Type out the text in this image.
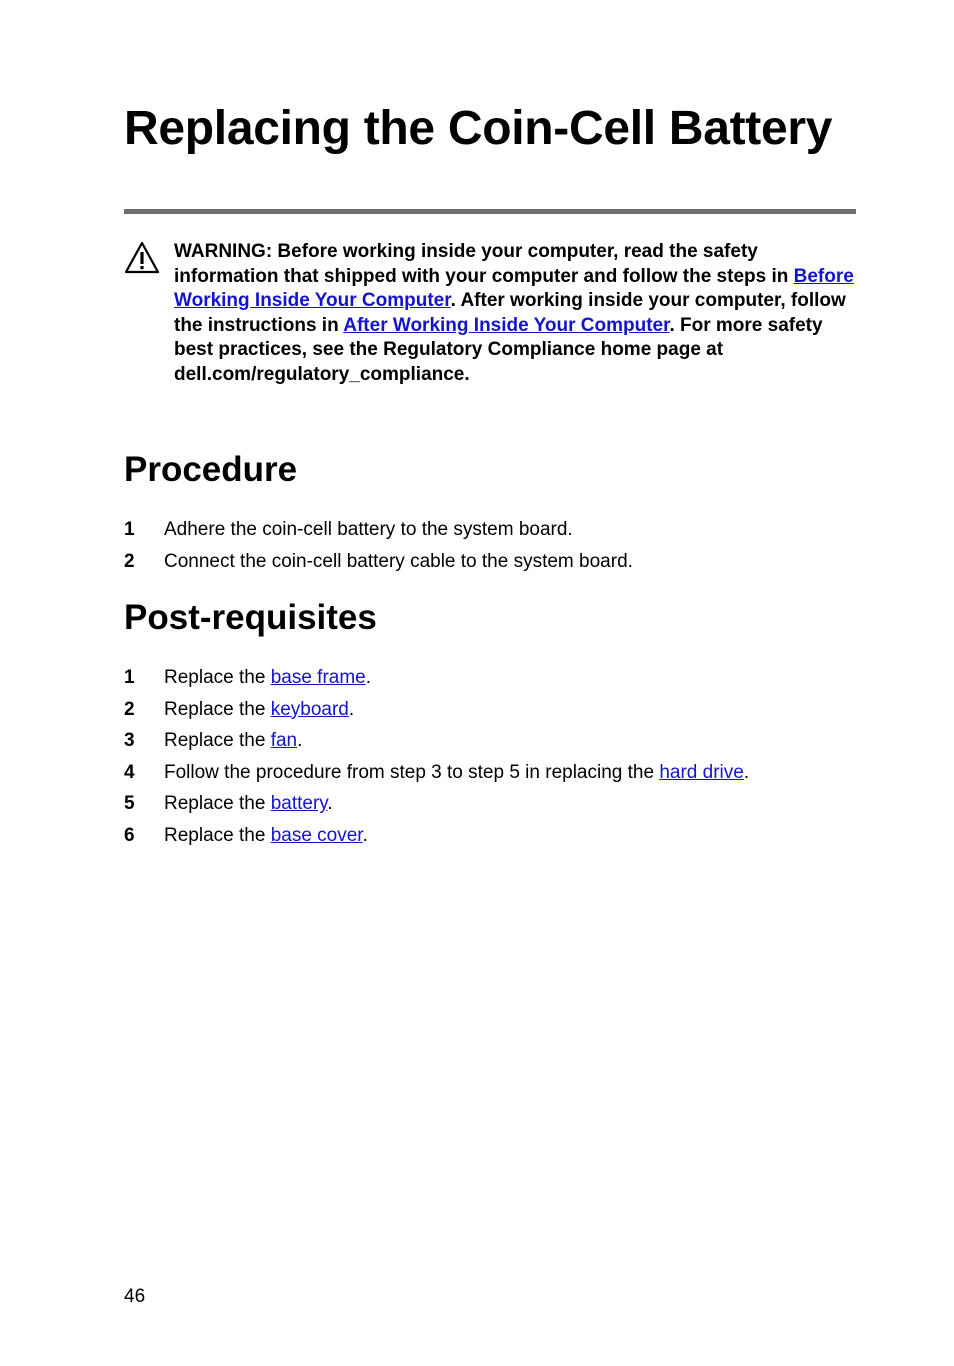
Replacing the Coin-Cell Battery
WARNING: Before working inside your computer, read the safety information that shipped with your computer and follow the steps in Before Working Inside Your Computer. After working inside your computer, follow the instructions in After Working Inside Your Computer. For more safety best practices, see the Regulatory Compliance home page at dell.com/regulatory_compliance.
Procedure
1 Adhere the coin-cell battery to the system board.
2 Connect the coin-cell battery cable to the system board.
Post-requisites
1 Replace the base frame.
2 Replace the keyboard.
3 Replace the fan.
4 Follow the procedure from step 3 to step 5 in replacing the hard drive.
5 Replace the battery.
6 Replace the base cover.
46
